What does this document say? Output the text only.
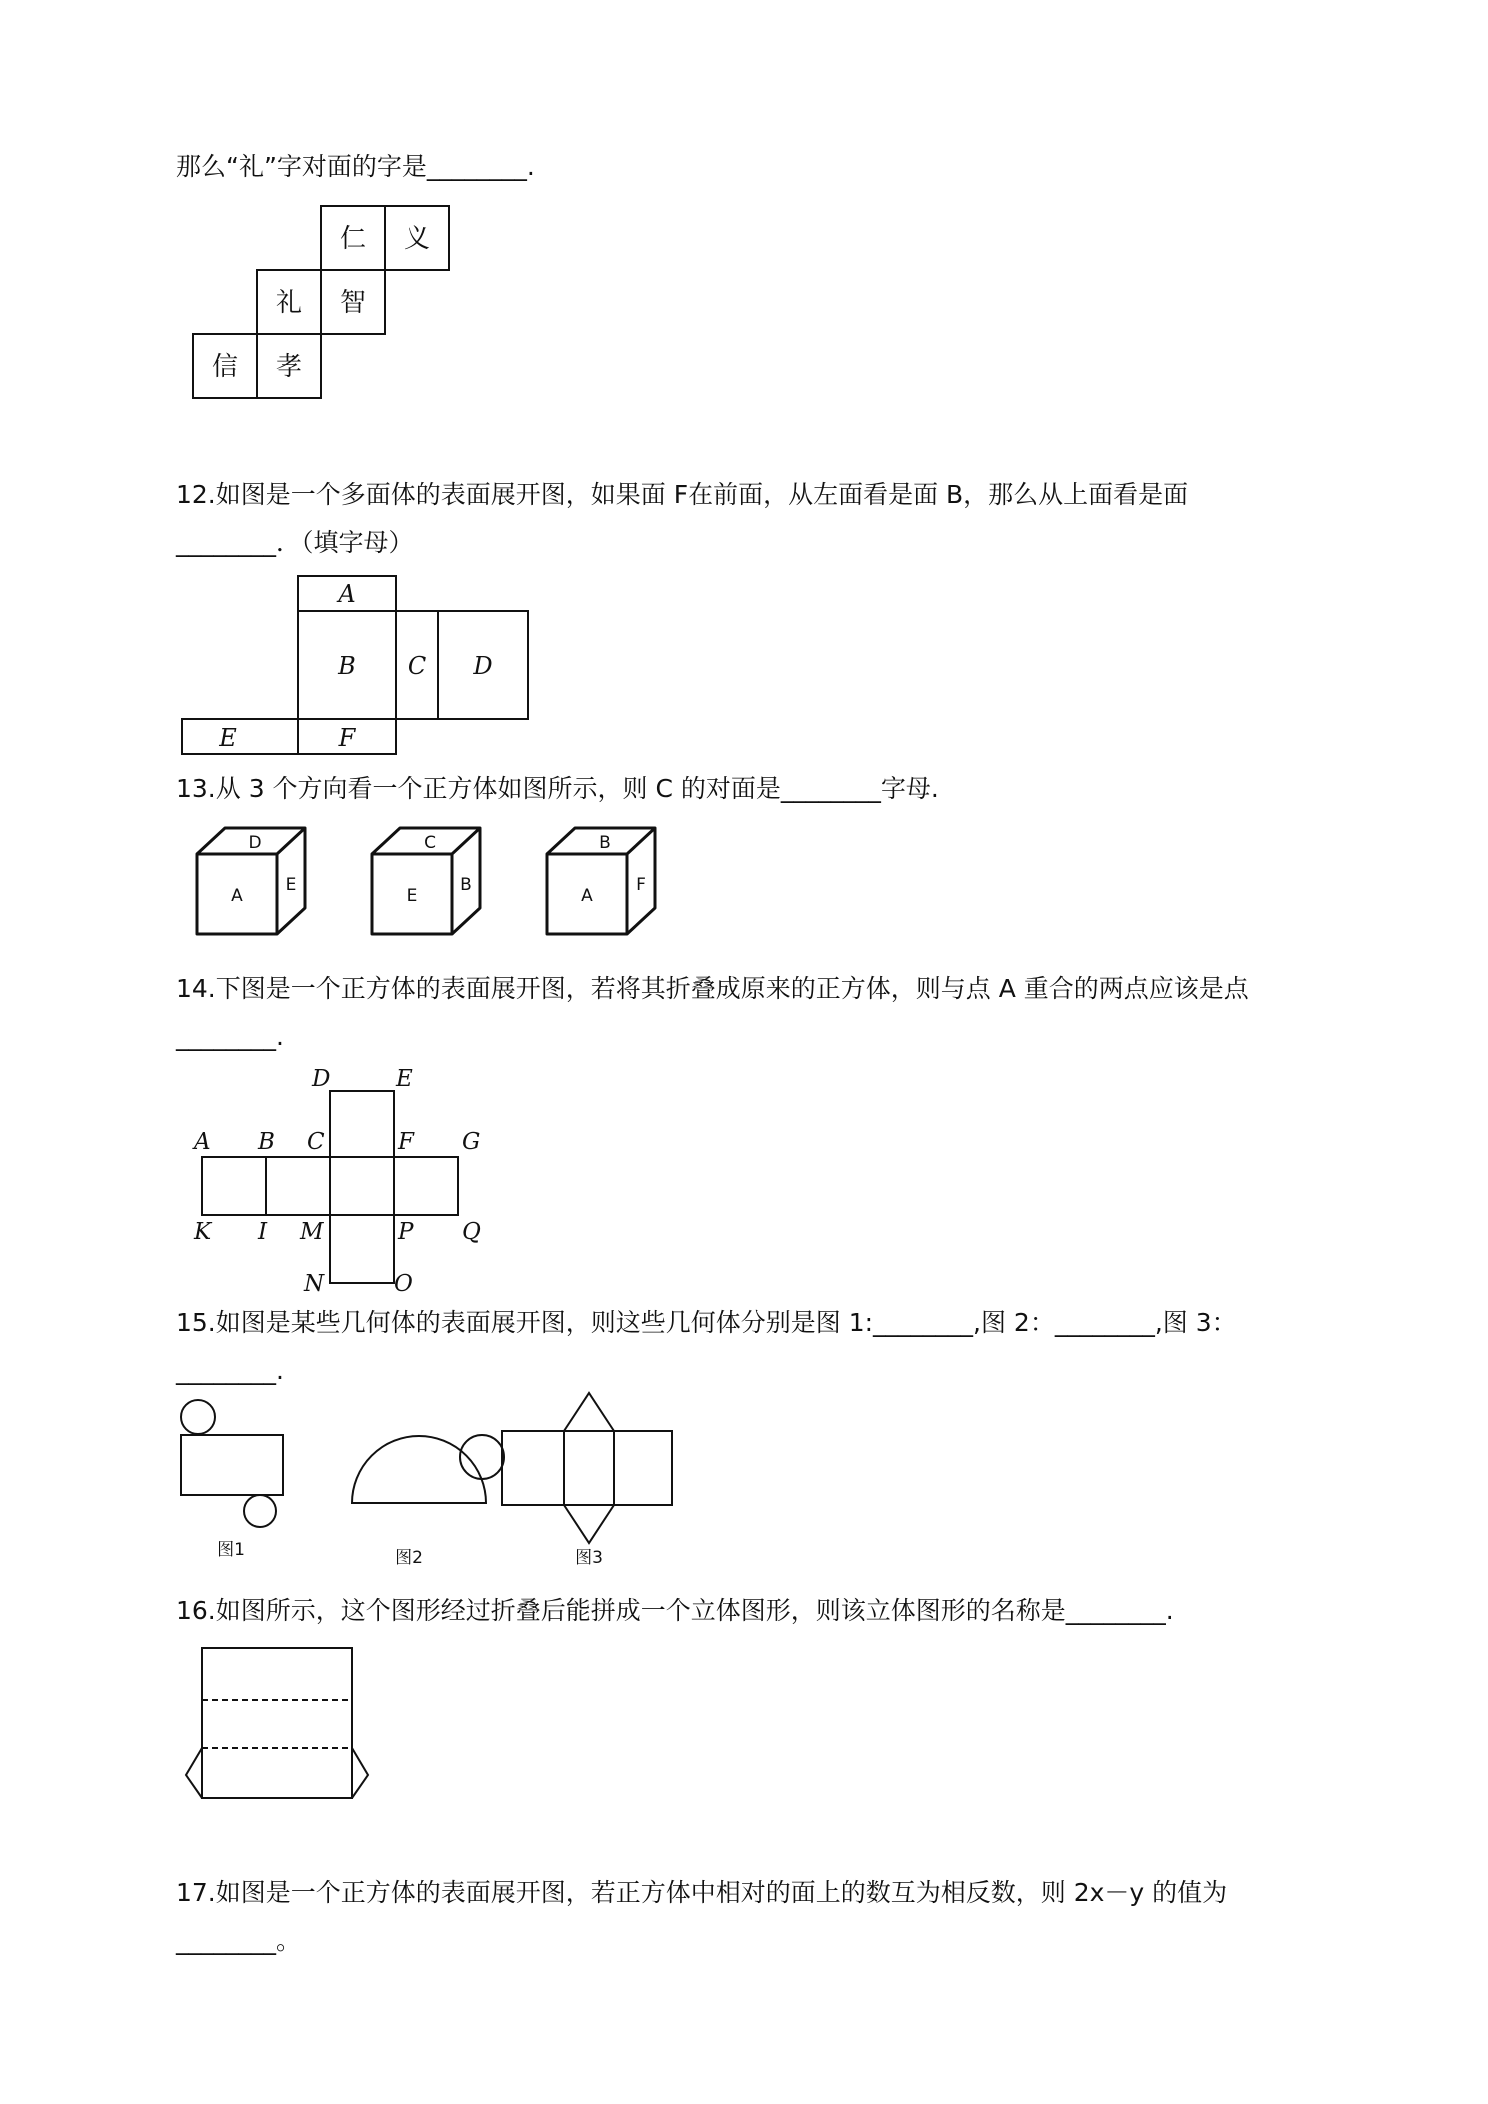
那么“礼”字对面的字是________.
仁 义
礼 智
信 孝
12.如图是一个多面体的表面展开图，如果面 F在前面，从左面看是面 B，那么从上面看是面
________．（填字母）
A
B C D
E	F
13.从 3 个方向看一个正方体如图所示，则 C 的对面是________字母.
D
A
E
C
E
B
B
A
F
14.下图是一个正方体的表面展开图，若将其折叠成原来的正方体，则与点 A 重合的两点应该是点
________.
D	E
A B C	F G
K I M	P Q
N	O
15.如图是某些几何体的表面展开图，则这些几何体分别是图 1:________,图 2：________,图 3：
________.
图1	图2	图3
16.如图所示，这个图形经过折叠后能拼成一个立体图形，则该立体图形的名称是________.
17.如图是一个正方体的表面展开图，若正方体中相对的面上的数互为相反数，则 2x－y 的值为
________。
